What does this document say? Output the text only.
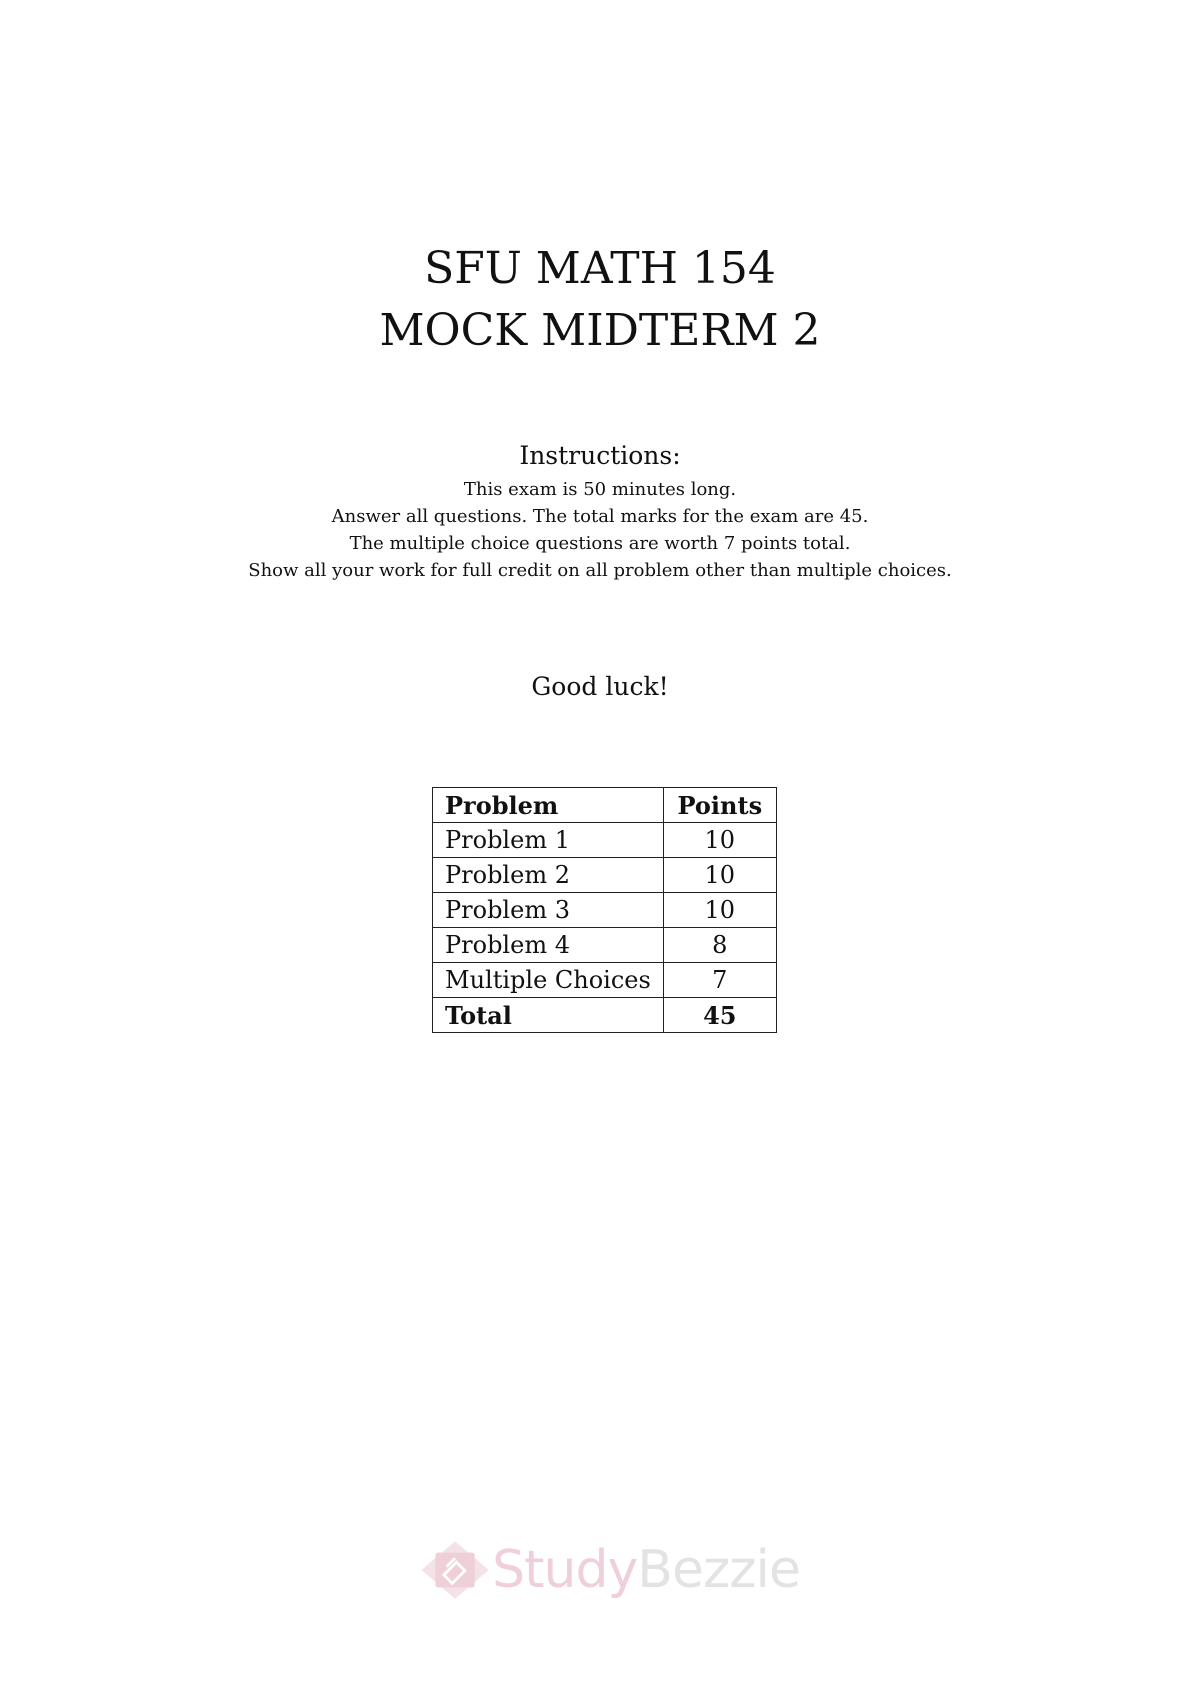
SFU MATH 154
MOCK MIDTERM 2
Instructions:
This exam is 50 minutes long.
Answer all questions. The total marks for the exam are 45.
The multiple choice questions are worth 7 points total.
Show all your work for full credit on all problem other than multiple choices.
Good luck!
Problem	Points
Problem 1	10
Problem 2	10
Problem 3	10
Problem 4	8
Multiple Choices	7
Total	45
StudyBezzie
